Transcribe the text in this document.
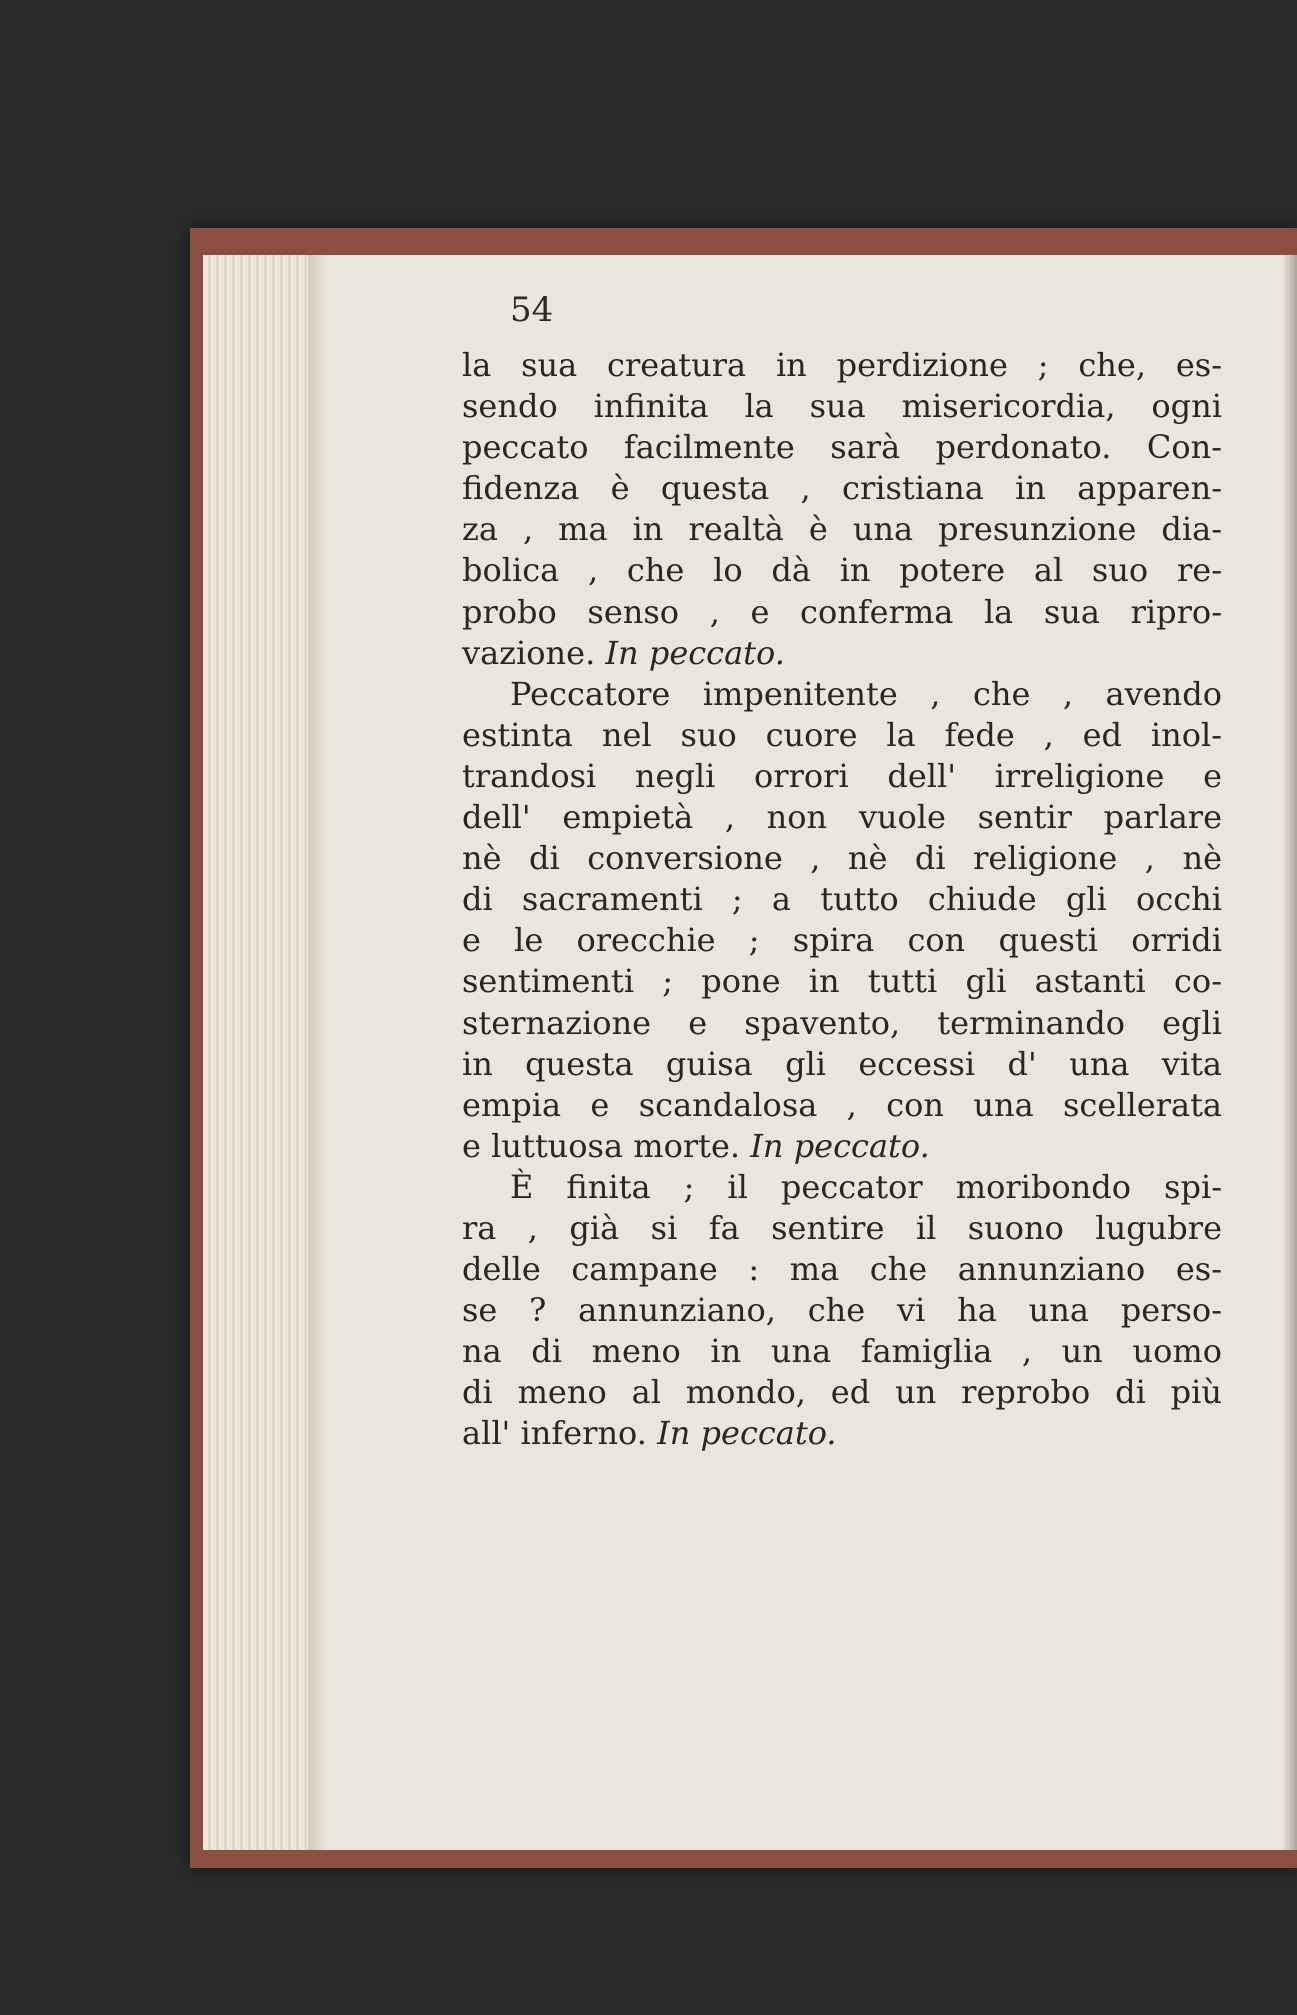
54

la sua creatura in perdizione ; che, es-
sendo infinita la sua misericordia, ogni
peccato facilmente sarà perdonato. Con-
fidenza è questa , cristiana in apparen-
za , ma in realtà è una presunzione dia-
bolica , che lo dà in potere al suo re-
probo senso , e conferma la sua ripro-
vazione. In peccato.
Peccatore impenitente , che , avendo
estinta nel suo cuore la fede , ed inol-
trandosi negli orrori dell' irreligione e
dell' empietà , non vuole sentir parlare
nè di conversione , nè di religione , nè
di sacramenti ; a tutto chiude gli occhi
e le orecchie ; spira con questi orridi
sentimenti ; pone in tutti gli astanti co-
sternazione e spavento, terminando egli
in questa guisa gli eccessi d' una vita
empia e scandalosa , con una scellerata
e luttuosa morte. In peccato.
È finita ; il peccator moribondo spi-
ra , già si fa sentire il suono lugubre
delle campane : ma che annunziano es-
se ? annunziano, che vi ha una perso-
na di meno in una famiglia , un uomo
di meno al mondo, ed un reprobo di più
all' inferno. In peccato.
